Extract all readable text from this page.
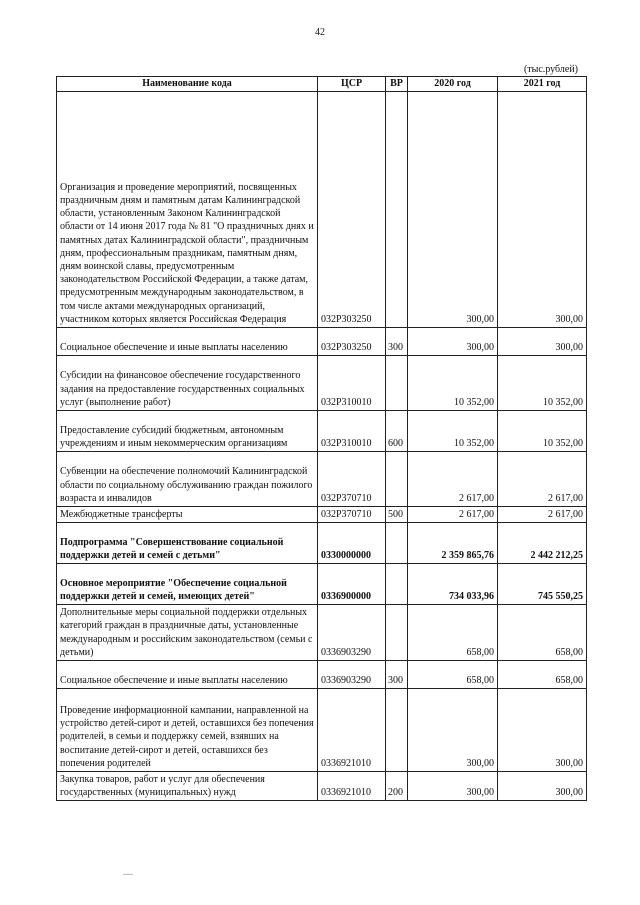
42
(тыс.рублей)
Наименование кода	ЦСР	ВР	2020 год	2021 год
Организация и проведение мероприятий, посвященных праздничным дням и памятным датам Калининградской области, установленным Законом Калининградской области от 14 июня 2017 года № 81 "О праздничных днях и памятных датах Калининградской области", праздничным дням, профессиональным праздникам, памятным дням, дням воинской славы, предусмотренным законодательством Российской Федерации, а также датам, предусмотренным международным законодательством, в том числе актами международных организаций, участником которых является Российская Федерация	032P303250		300,00	300,00
Социальное обеспечение и иные выплаты населению	032P303250	300	300,00	300,00
Субсидии на финансовое обеспечение государственного задания на предоставление государственных социальных услуг (выполнение работ)	032P310010		10 352,00	10 352,00
Предоставление субсидий бюджетным, автономным учреждениям и иным некоммерческим организациям	032P310010	600	10 352,00	10 352,00
Субвенции на обеспечение полномочий Калининградской области по социальному обслуживанию граждан пожилого возраста и инвалидов	032P370710		2 617,00	2 617,00
Межбюджетные трансферты	032P370710	500	2 617,00	2 617,00
Подпрограмма "Совершенствование социальной поддержки детей и семей с детьми"	0330000000		2 359 865,76	2 442 212,25
Основное мероприятие "Обеспечение социальной поддержки детей и семей, имеющих детей"	0336900000		734 033,96	745 550,25
Дополнительные меры социальной поддержки отдельных категорий граждан в праздничные даты, установленные международным и российским законодательством (семьи с детьми)	0336903290		658,00	658,00
Социальное обеспечение и иные выплаты населению	0336903290	300	658,00	658,00
Проведение информационной кампании, направленной на устройство детей-сирот и детей, оставшихся без попечения родителей, в семьи и поддержку семей, взявших на воспитание детей-сирот и детей, оставшихся без попечения родителей	0336921010		300,00	300,00
Закупка товаров, работ и услуг для обеспечения государственных (муниципальных) нужд	0336921010	200	300,00	300,00
